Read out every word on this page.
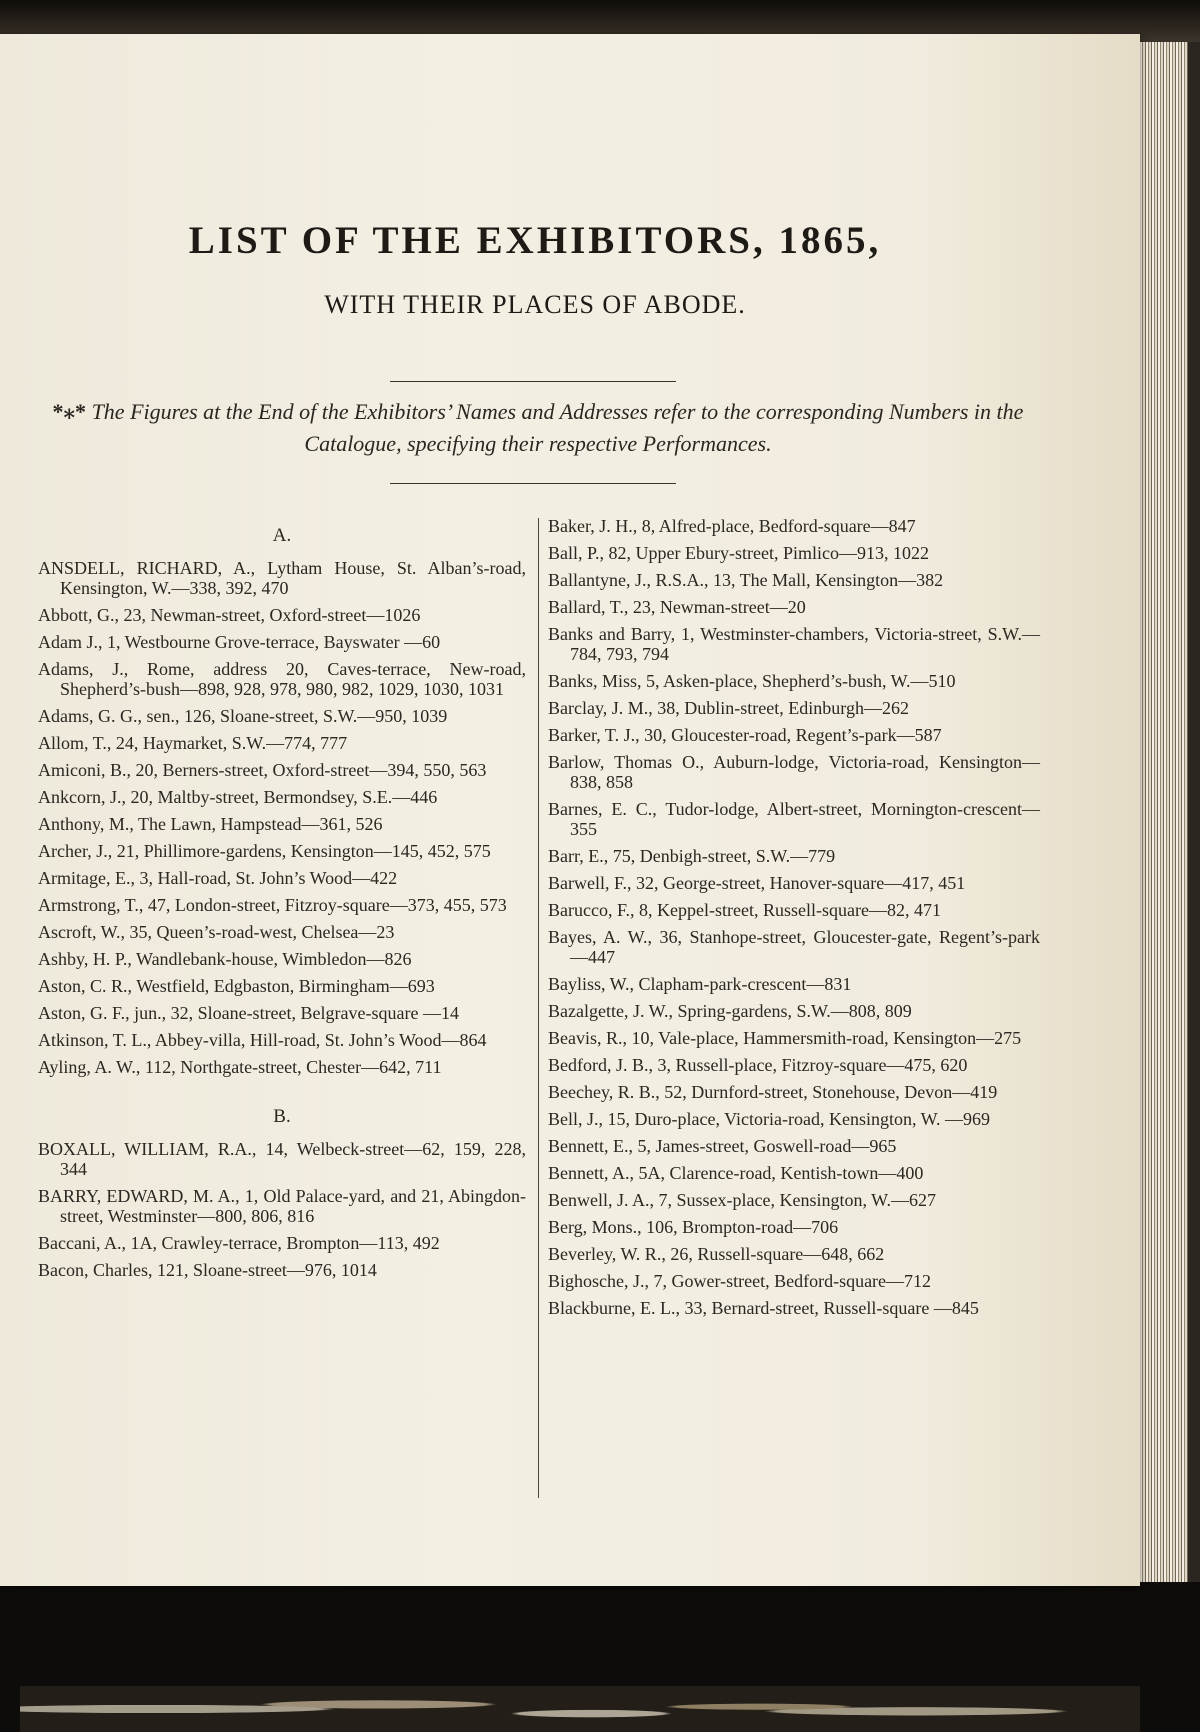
LIST OF THE EXHIBITORS, 1865,
WITH THEIR PLACES OF ABODE.
*⁎* The Figures at the End of the Exhibitors’ Names and Addresses refer to the corresponding Numbers in the Catalogue, specifying their respective Performances.
A.
ANSDELL, RICHARD, A., Lytham House, St. Alban’s-road, Kensington, W.—338, 392, 470
Abbott, G., 23, Newman-street, Oxford-street—1026
Adam J., 1, Westbourne Grove-terrace, Bayswater —60
Adams, J., Rome, address 20, Caves-terrace, New-road, Shepherd’s-bush—898, 928, 978, 980, 982, 1029, 1030, 1031
Adams, G. G., sen., 126, Sloane-street, S.W.—950, 1039
Allom, T., 24, Haymarket, S.W.—774, 777
Amiconi, B., 20, Berners-street, Oxford-street—394, 550, 563
Ankcorn, J., 20, Maltby-street, Bermondsey, S.E.—446
Anthony, M., The Lawn, Hampstead—361, 526
Archer, J., 21, Phillimore-gardens, Kensington—145, 452, 575
Armitage, E., 3, Hall-road, St. John’s Wood—422
Armstrong, T., 47, London-street, Fitzroy-square—373, 455, 573
Ascroft, W., 35, Queen’s-road-west, Chelsea—23
Ashby, H. P., Wandlebank-house, Wimbledon—826
Aston, C. R., Westfield, Edgbaston, Birmingham—693
Aston, G. F., jun., 32, Sloane-street, Belgrave-square —14
Atkinson, T. L., Abbey-villa, Hill-road, St. John’s Wood—864
Ayling, A. W., 112, Northgate-street, Chester—642, 711
B.
BOXALL, WILLIAM, R.A., 14, Welbeck-street—62, 159, 228, 344
BARRY, EDWARD, M. A., 1, Old Palace-yard, and 21, Abingdon-street, Westminster—800, 806, 816
Baccani, A., 1A, Crawley-terrace, Brompton—113, 492
Bacon, Charles, 121, Sloane-street—976, 1014
Baker, J. H., 8, Alfred-place, Bedford-square—847
Ball, P., 82, Upper Ebury-street, Pimlico—913, 1022
Ballantyne, J., R.S.A., 13, The Mall, Kensington—382
Ballard, T., 23, Newman-street—20
Banks and Barry, 1, Westminster-chambers, Victoria-street, S.W.—784, 793, 794
Banks, Miss, 5, Asken-place, Shepherd’s-bush, W.—510
Barclay, J. M., 38, Dublin-street, Edinburgh—262
Barker, T. J., 30, Gloucester-road, Regent’s-park—587
Barlow, Thomas O., Auburn-lodge, Victoria-road, Kensington—838, 858
Barnes, E. C., Tudor-lodge, Albert-street, Mornington-crescent—355
Barr, E., 75, Denbigh-street, S.W.—779
Barwell, F., 32, George-street, Hanover-square—417, 451
Barucco, F., 8, Keppel-street, Russell-square—82, 471
Bayes, A. W., 36, Stanhope-street, Gloucester-gate, Regent’s-park—447
Bayliss, W., Clapham-park-crescent—831
Bazalgette, J. W., Spring-gardens, S.W.—808, 809
Beavis, R., 10, Vale-place, Hammersmith-road, Kensington—275
Bedford, J. B., 3, Russell-place, Fitzroy-square—475, 620
Beechey, R. B., 52, Durnford-street, Stonehouse, Devon—419
Bell, J., 15, Duro-place, Victoria-road, Kensington, W. —969
Bennett, E., 5, James-street, Goswell-road—965
Bennett, A., 5A, Clarence-road, Kentish-town—400
Benwell, J. A., 7, Sussex-place, Kensington, W.—627
Berg, Mons., 106, Brompton-road—706
Beverley, W. R., 26, Russell-square—648, 662
Bighosche, J., 7, Gower-street, Bedford-square—712
Blackburne, E. L., 33, Bernard-street, Russell-square —845
